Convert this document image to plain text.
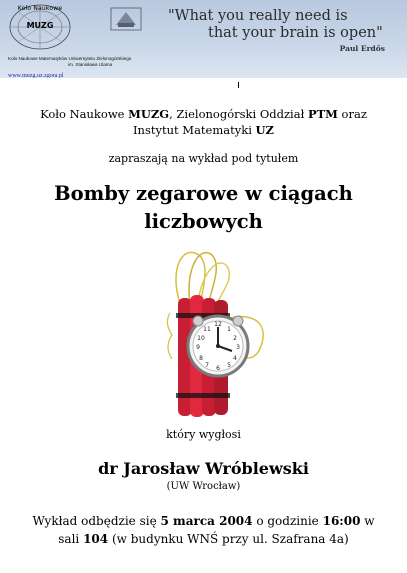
Koło Naukowe
MUZG
"What you really need is
that your brain is open"
Paul Erdős
Koło Naukowe Matematyków Uniwersytetu Zielonogórskiego
im. Stanisława Ulama
www.muzg.uz.zgora.pl
Koło Naukowe MUZG, Zielonogórski Oddział PTM oraz
Instytut Matematyki UZ
zapraszają na wykład pod tytułem
Bomby zegarowe w ciągach
liczbowych
12
3
6
9
1
2
4
5
7
8
10
11
który wygłosi
dr Jarosław Wróblewski
(UW Wrocław)
Wykład odbędzie się 5 marca 2004 o godzinie 16:00 w
sali 104 (w budynku WNŚ przy ul. Szafrana 4a)
